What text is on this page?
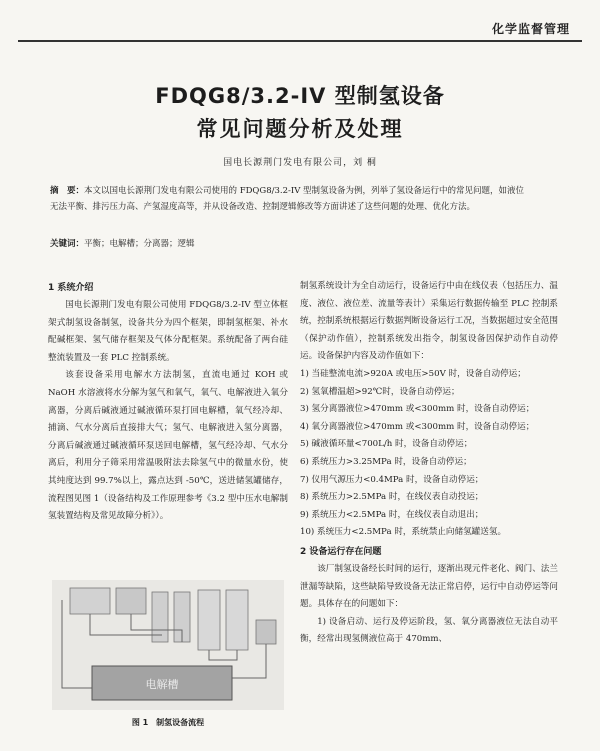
化学监督管理
FDQG8/3.2-IV 型制氢设备
常见问题分析及处理
国电长源荆门发电有限公司，刘 桐
摘　要：本文以国电长源荆门发电有限公司使用的 FDQG8/3.2-IV 型制氢设备为例，列举了氢设备运行中的常见问题，如液位无法平衡、排污压力高、产氢湿度高等，并从设备改造、控制逻辑修改等方面讲述了这些问题的处理、优化方法。
关键词：平衡；电解槽；分离器；逻辑
1 系统介绍

国电长源荆门发电有限公司使用 FDQG8/3.2-IV 型立体框架式制氢设备制氢，设备共分为四个框架，即制氢框架、补水配碱框架、氢气储存框架及气体分配框架。系统配备了两台硅整流装置及一套 PLC 控制系统。

该套设备采用电解水方法制氢，直流电通过 KOH 或 NaOH 水溶液将水分解为氢气和氧气，氧气、电解液进入氧分离器，分离后碱液通过碱液循环泵打回电解槽，氧气经冷却、捕滴、气水分离后直接排大气；氢气、电解液进入氢分离器，分离后碱液通过碱液循环泵送回电解槽，氢气经冷却、气水分离后，利用分子筛采用常温吸附法去除氢气中的微量水份，使其纯度达到 99.7%以上，露点达到 -50℃，送进储氢罐储存，流程图见图 1（设备结构及工作原理参考《3.2 型中压水电解制氢装置结构及常见故障分析》）。

电解槽
图 1　制氢设备流程

制氢系统设计为全自动运行，设备运行中由在线仪表（包括压力、温度、液位、液位差、流量等表计）采集运行数据传输至 PLC 控制系统，控制系统根据运行数据判断设备运行工况，当数据超过安全范围（保护动作值），控制系统发出指令，制氢设备因保护动作自动停运。设备保护内容及动作值如下：

1) 当硅整流电流>920A 或电压>50V 时，设备自动停运；

2) 氢氧槽温超>92℃时，设备自动停运；

3) 氢分离器液位>470mm 或<300mm 时，设备自动停运；

4) 氧分离器液位>470mm 或<300mm 时，设备自动停运；

5) 碱液循环量<700L/h 时，设备自动停运；

6) 系统压力>3.25MPa 时，设备自动停运；

7) 仪用气源压力<0.4MPa 时，设备自动停运；

8) 系统压力>2.5MPa 时，在线仪表自动投运；

9) 系统压力<2.5MPa 时，在线仪表自动退出；

10) 系统压力<2.5MPa 时，系统禁止向储氢罐送氢。

2 设备运行存在问题

该厂制氢设备经长时间的运行，逐渐出现元件老化、阀门、法兰泄漏等缺陷，这些缺陷导致设备无法正常启停，运行中自动停运等问题。具体存在的问题如下：

1) 设备启动、运行及停运阶段，氢、氧分离器液位无法自动平衡，经常出现氢侧液位高于 470mm、
